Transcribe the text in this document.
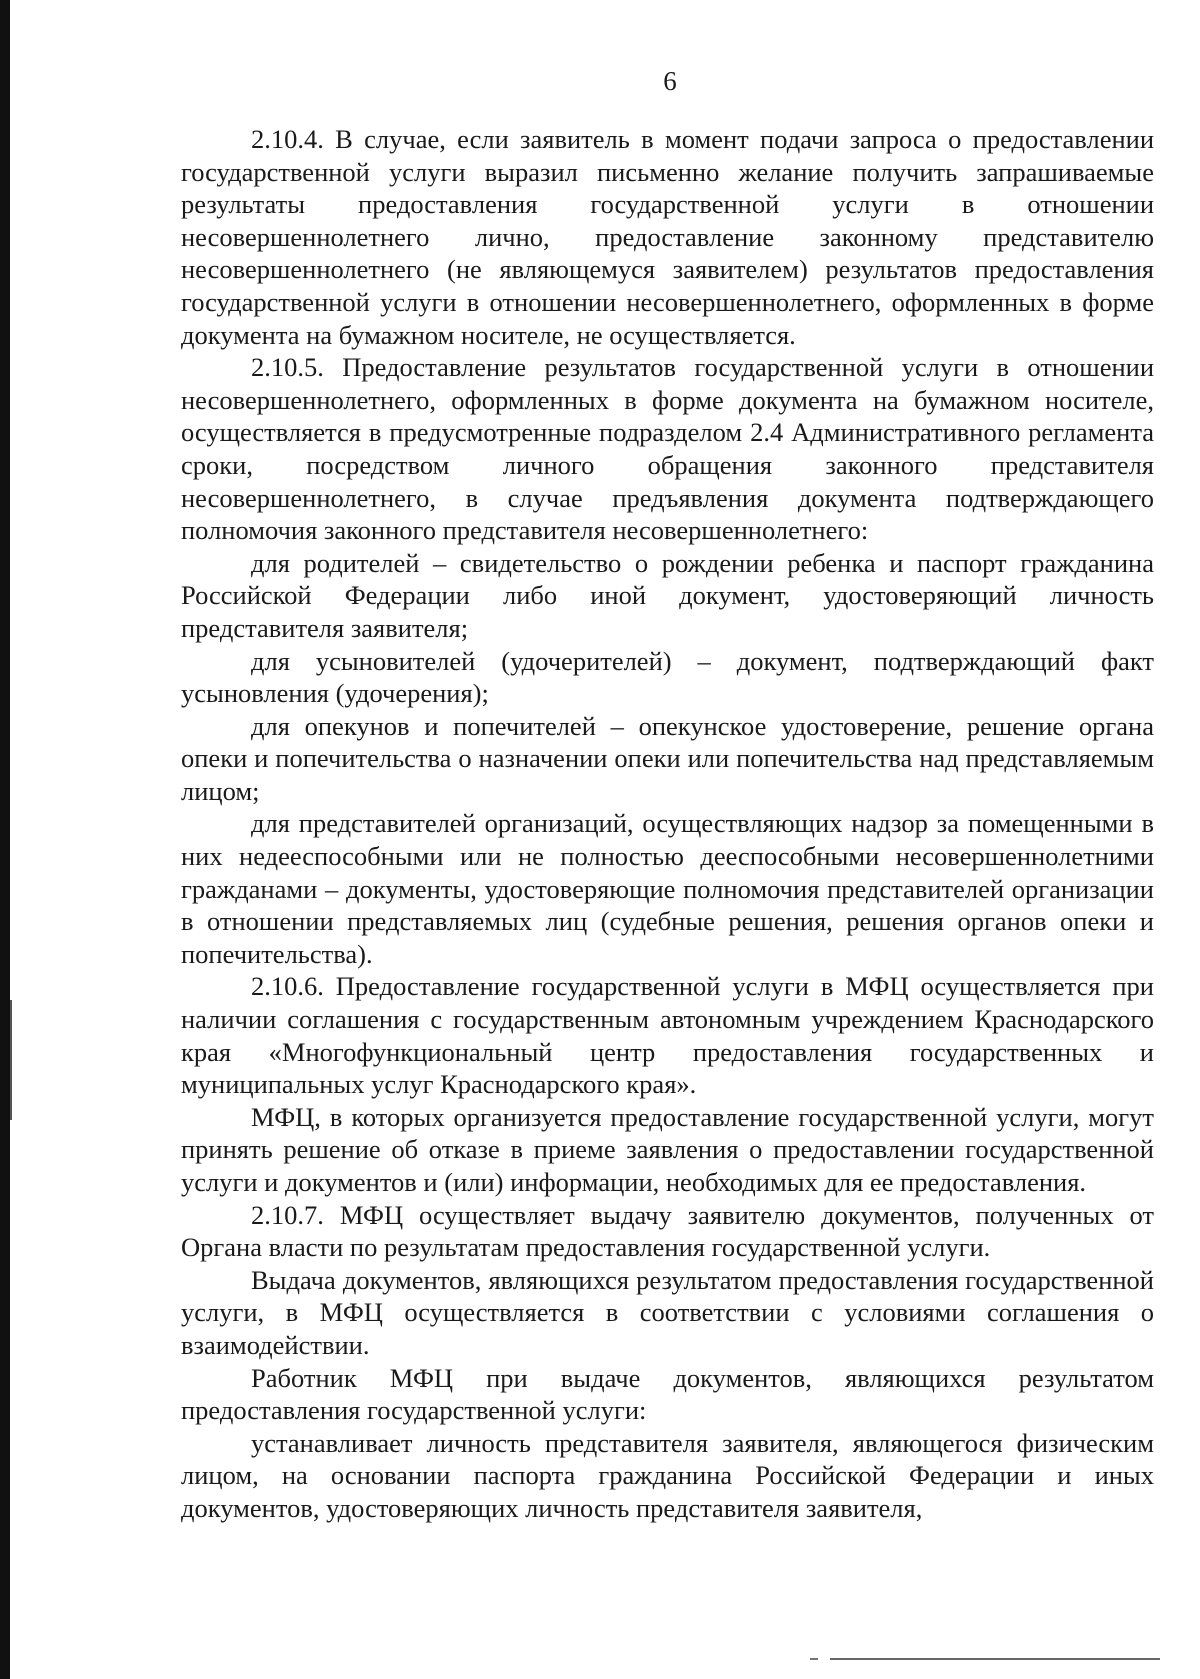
6

2.10.4. В случае, если заявитель в момент подачи запроса о предоставлении государственной услуги выразил письменно желание получить запрашиваемые результаты предоставления государственной услуги в отношении несовершеннолетнего лично, предоставление законному представителю несовершеннолетнего (не являющемуся заявителем) результатов предоставления государственной услуги в отношении несовершеннолетнего, оформленных в форме документа на бумажном носителе, не осуществляется.

2.10.5. Предоставление результатов государственной услуги в отношении несовершеннолетнего, оформленных в форме документа на бумажном носителе, осуществляется в предусмотренные подразделом 2.4 Административного регламента сроки, посредством личного обращения законного представителя несовершеннолетнего, в случае предъявления документа подтверждающего полномочия законного представителя несовершеннолетнего:

для родителей – свидетельство о рождении ребенка и паспорт гражданина Российской Федерации либо иной документ, удостоверяющий личность представителя заявителя;

для усыновителей (удочерителей) – документ, подтверждающий факт усыновления (удочерения);

для опекунов и попечителей – опекунское удостоверение, решение органа опеки и попечительства о назначении опеки или попечительства над представляемым лицом;

для представителей организаций, осуществляющих надзор за помещенными в них недееспособными или не полностью дееспособными несовершеннолетними гражданами – документы, удостоверяющие полномочия представителей организации в отношении представляемых лиц (судебные решения, решения органов опеки и попечительства).

2.10.6. Предоставление государственной услуги в МФЦ осуществляется при наличии соглашения с государственным автономным учреждением Краснодарского края «Многофункциональный центр предоставления государственных и муниципальных услуг Краснодарского края».

МФЦ, в которых организуется предоставление государственной услуги, могут принять решение об отказе в приеме заявления о предоставлении государственной услуги и документов и (или) информации, необходимых для ее предоставления.

2.10.7. МФЦ осуществляет выдачу заявителю документов, полученных от Органа власти по результатам предоставления государственной услуги.

Выдача документов, являющихся результатом предоставления государственной услуги, в МФЦ осуществляется в соответствии с условиями соглашения о взаимодействии.

Работник МФЦ при выдаче документов, являющихся результатом предоставления государственной услуги:

устанавливает личность представителя заявителя, являющегося физическим лицом, на основании паспорта гражданина Российской Федерации и иных документов, удостоверяющих личность представителя заявителя,
